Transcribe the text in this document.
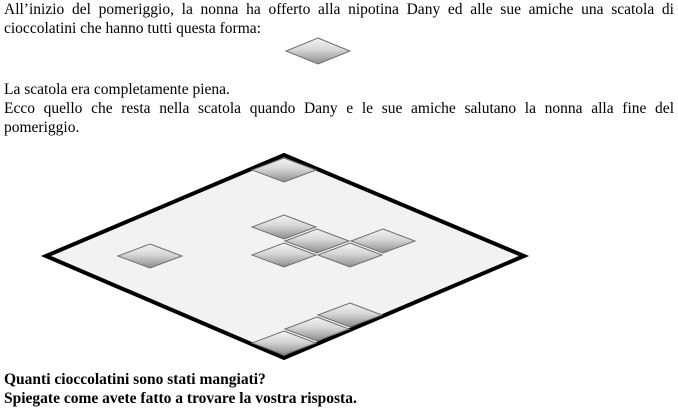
All’inizio del pomeriggio, la nonna ha offerto alla nipotina Dany ed alle sue amiche una scatola di
cioccolatini che hanno tutti questa forma:
La scatola era completamente piena.
Ecco quello che resta nella scatola quando Dany e le sue amiche salutano la nonna alla fine del
pomeriggio.

Quanti cioccolatini sono stati mangiati?

Spiegate come avete fatto a trovare la vostra risposta.
